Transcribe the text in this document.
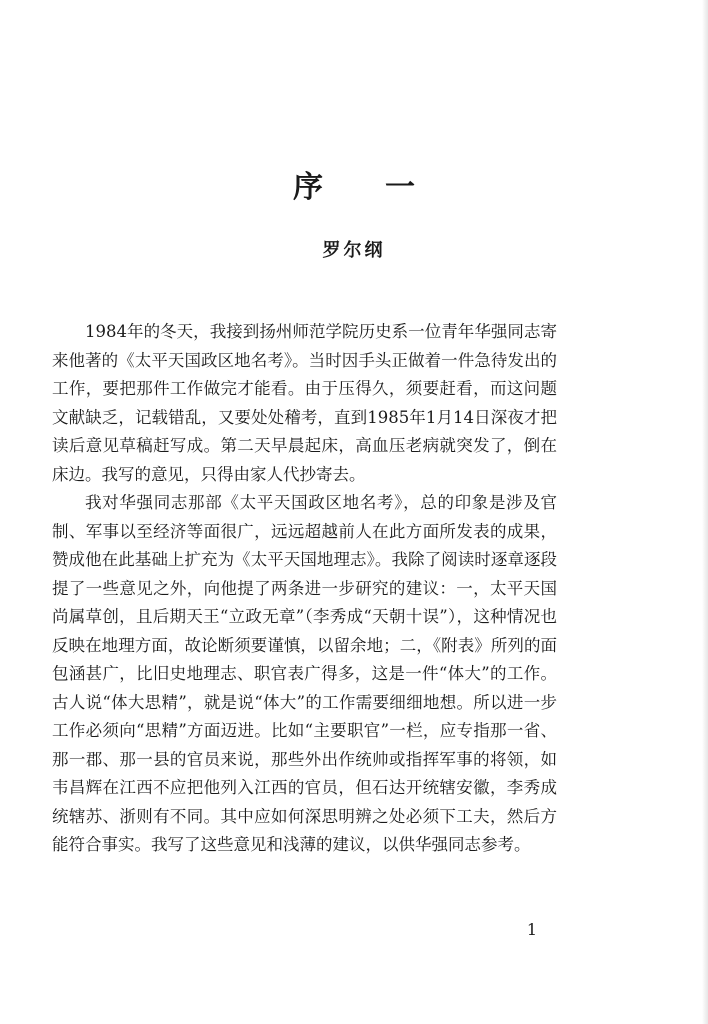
序一
罗尔纲

1984年的冬天，我接到扬州师范学院历史系一位青年华强同志寄来他著的《太平天国政区地名考》。当时因手头正做着一件急待发出的工作，要把那件工作做完才能看。由于压得久，须要赶看，而这问题文献缺乏，记载错乱，又要处处稽考，直到1985年1月14日深夜才把读后意见草稿赶写成。第二天早晨起床，高血压老病就突发了，倒在床边。我写的意见，只得由家人代抄寄去。

我对华强同志那部《太平天国政区地名考》，总的印象是涉及官制、军事以至经济等面很广，远远超越前人在此方面所发表的成果，赞成他在此基础上扩充为《太平天国地理志》。我除了阅读时逐章逐段提了一些意见之外，向他提了两条进一步研究的建议：一，太平天国尚属草创，且后期天王“立政无章”（李秀成“天朝十误”），这种情况也反映在地理方面，故论断须要谨慎，以留余地；二，《附表》所列的面包涵甚广，比旧史地理志、职官表广得多，这是一件“体大”的工作。古人说“体大思精”，就是说“体大”的工作需要细细地想。所以进一步工作必须向“思精”方面迈进。比如“主要职官”一栏，应专指那一省、那一郡、那一县的官员来说，那些外出作统帅或指挥军事的将领，如韦昌辉在江西不应把他列入江西的官员，但石达开统辖安徽，李秀成统辖苏、浙则有不同。其中应如何深思明辨之处必须下工夫，然后方能符合事实。我写了这些意见和浅薄的建议，以供华强同志参考。

1
